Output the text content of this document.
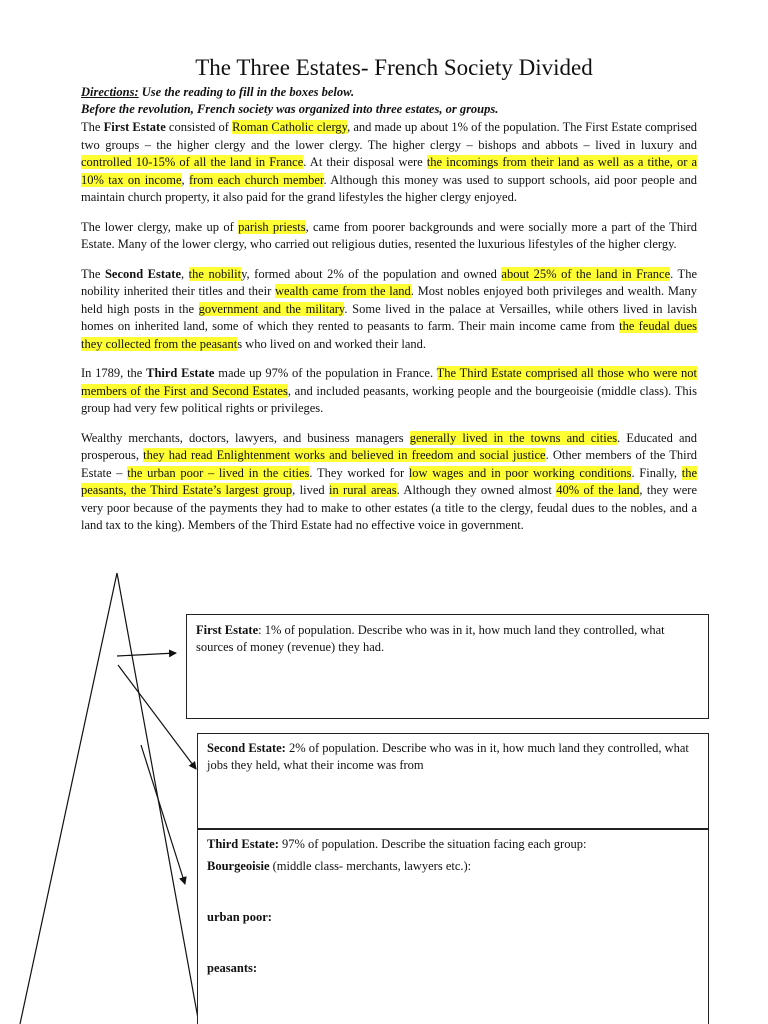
The Three Estates- French Society Divided
Directions: Use the reading to fill in the boxes below.
Before the revolution, French society was organized into three estates, or groups.

The First Estate consisted of Roman Catholic clergy, and made up about 1% of the population. The First Estate comprised two groups – the higher clergy and the lower clergy. The higher clergy – bishops and abbots – lived in luxury and controlled 10-15% of all the land in France. At their disposal were the incomings from their land as well as a tithe, or a 10% tax on income, from each church member. Although this money was used to support schools, aid poor people and maintain church property, it also paid for the grand lifestyles the higher clergy enjoyed.

The lower clergy, make up of parish priests, came from poorer backgrounds and were socially more a part of the Third Estate. Many of the lower clergy, who carried out religious duties, resented the luxurious lifestyles of the higher clergy.

The Second Estate, the nobility, formed about 2% of the population and owned about 25% of the land in France. The nobility inherited their titles and their wealth came from the land. Most nobles enjoyed both privileges and wealth. Many held high posts in the government and the military. Some lived in the palace at Versailles, while others lived in lavish homes on inherited land, some of which they rented to peasants to farm. Their main income came from the feudal dues they collected from the peasants who lived on and worked their land.

In 1789, the Third Estate made up 97% of the population in France. The Third Estate comprised all those who were not members of the First and Second Estates, and included peasants, working people and the bourgeoisie (middle class). This group had very few political rights or privileges.

Wealthy merchants, doctors, lawyers, and business managers generally lived in the towns and cities. Educated and prosperous, they had read Enlightenment works and believed in freedom and social justice. Other members of the Third Estate – the urban poor – lived in the cities. They worked for low wages and in poor working conditions. Finally, the peasants, the Third Estate’s largest group, lived in rural areas. Although they owned almost 40% of the land, they were very poor because of the payments they had to make to other estates (a title to the clergy, feudal dues to the nobles, and a land tax to the king). Members of the Third Estate had no effective voice in government.

First Estate: 1% of population. Describe who was in it, how much land they controlled, what sources of money (revenue) they had.
Second Estate: 2% of population. Describe who was in it, how much land they controlled, what jobs they held, what their income was from
Third Estate: 97% of population. Describe the situation facing each group:
Bourgeoisie (middle class- merchants, lawyers etc.):
urban poor:
peasants:
